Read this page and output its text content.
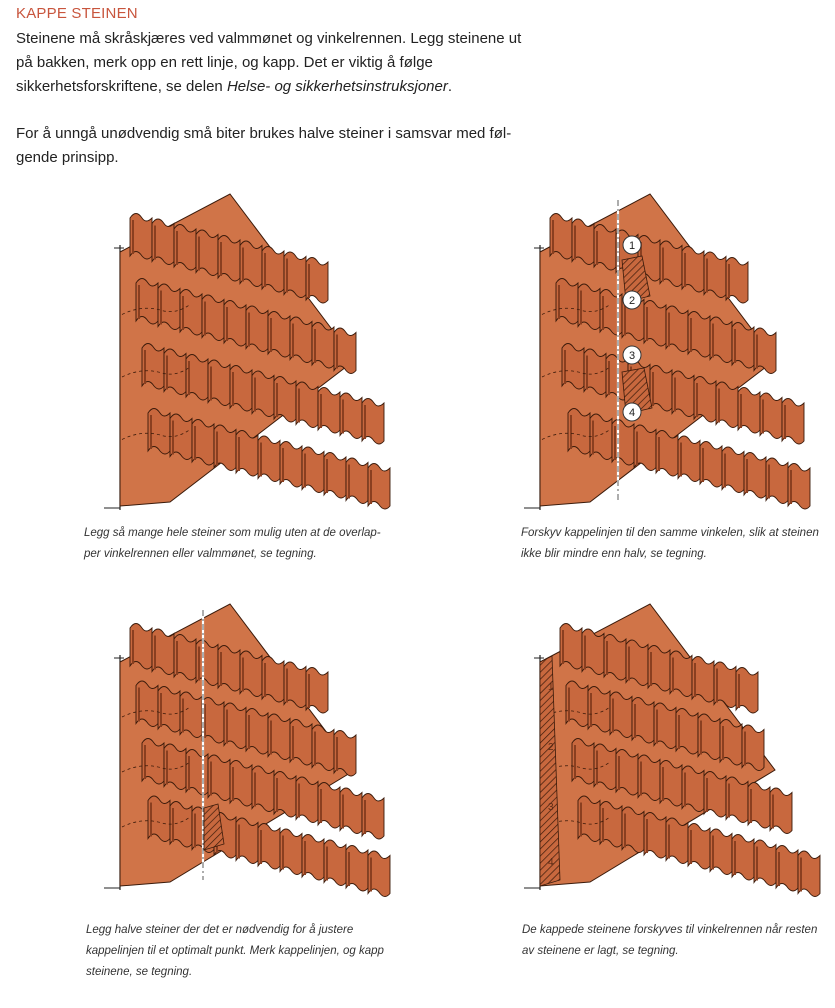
KAPPE STEINEN
Steinene må skråskjæres ved valmmønet og vinkelrennen. Legg steinene ut på bakken, merk opp en rett linje, og kapp. Det er viktig å følge sikkerhetsforskriftene, se delen Helse- og sikkerhetsinstruksjoner.
For å unngå unødvendig små biter brukes halve steiner i samsvar med følgende prinsipp.
1
2
3
4
1
2
3
4
Legg så mange hele steiner som mulig uten at de overlapper vinkelrennen eller valmmønet, se tegning.
Forskyv kappelinjen til den samme vinkelen, slik at steinen ikke blir mindre enn halv, se tegning.
Legg halve steiner der det er nødvendig for å justere kappelinjen til et optimalt punkt. Merk kappelinjen, og kapp steinene, se tegning.
De kappede steinene forskyves til vinkelrennen når resten av steinene er lagt, se tegning.
